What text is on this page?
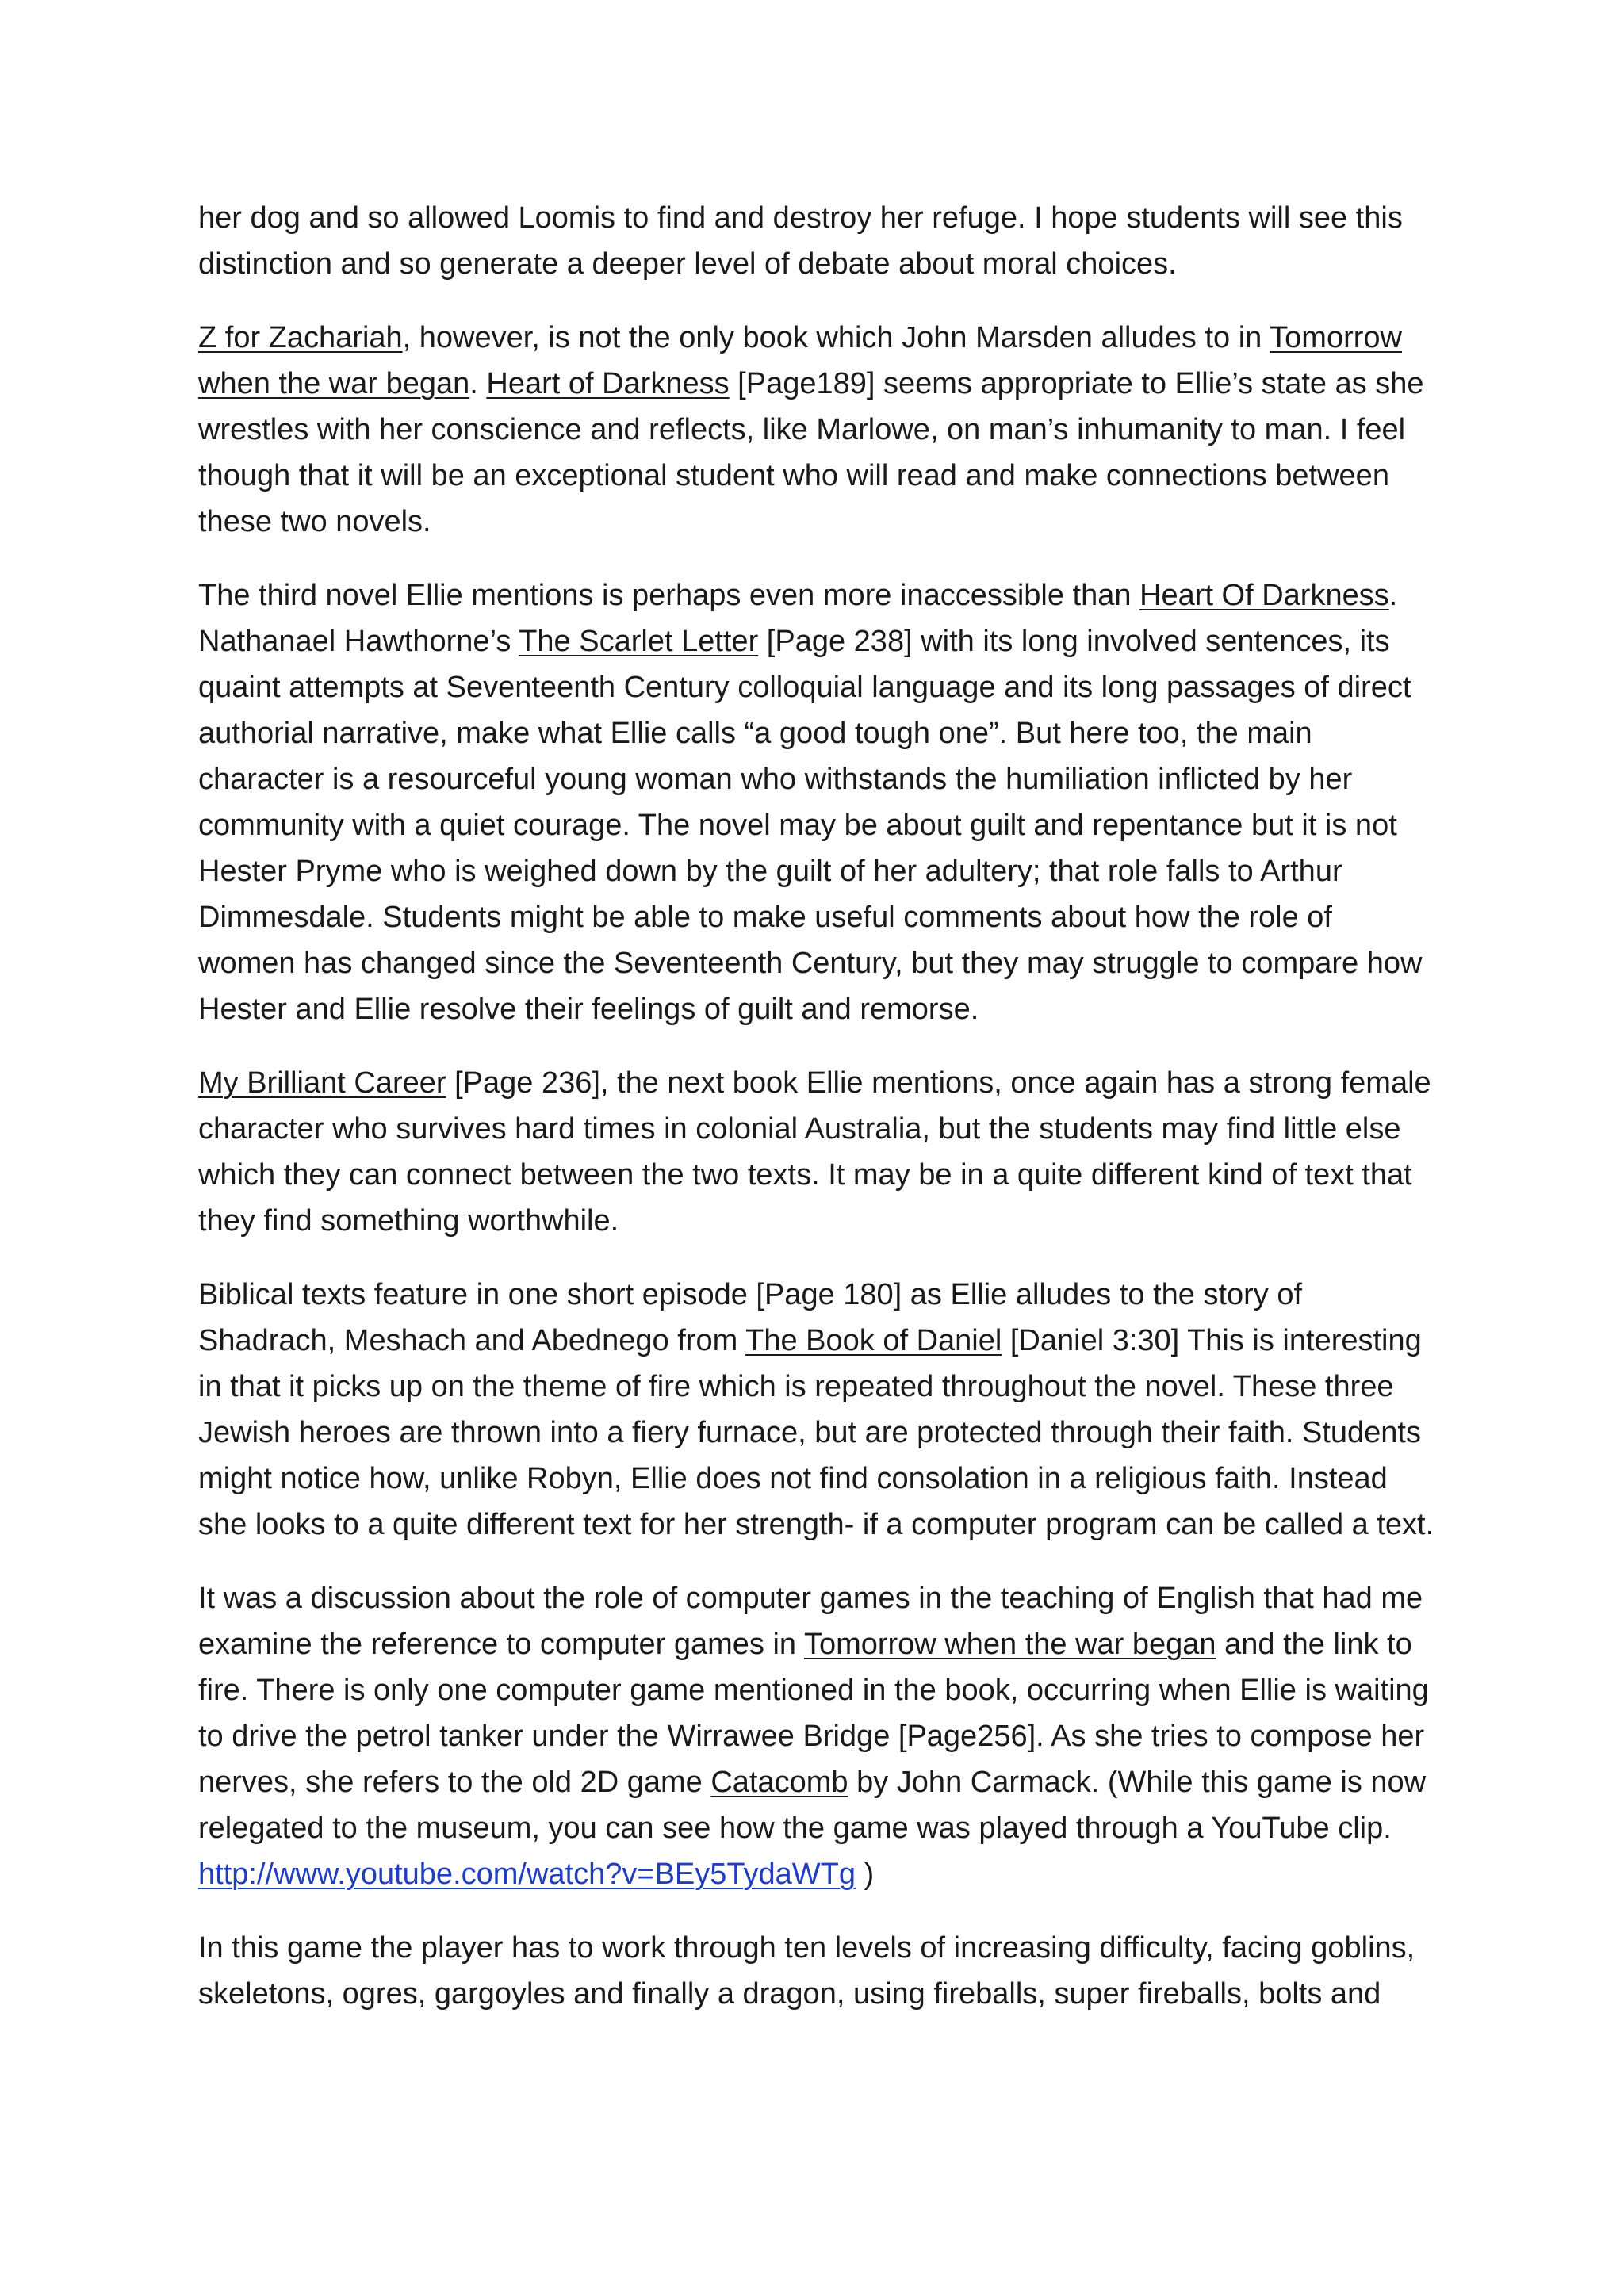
her dog and so allowed Loomis to find and destroy her refuge. I hope students will see this distinction and so generate a deeper level of debate about moral choices.

Z for Zachariah, however, is not the only book which John Marsden alludes to in Tomorrow when the war began. Heart of Darkness [Page189] seems appropriate to Ellie’s state as she wrestles with her conscience and reflects, like Marlowe, on man’s inhumanity to man. I feel though that it will be an exceptional student who will read and make connections between these two novels.

The third novel Ellie mentions is perhaps even more inaccessible than Heart Of Darkness. Nathanael Hawthorne’s The Scarlet Letter [Page 238] with its long involved sentences, its quaint attempts at Seventeenth Century colloquial language and its long passages of direct authorial narrative, make what Ellie calls “a good tough one”. But here too, the main character is a resourceful young woman who withstands the humiliation inflicted by her community with a quiet courage. The novel may be about guilt and repentance but it is not Hester Pryme who is weighed down by the guilt of her adultery; that role falls to Arthur Dimmesdale. Students might be able to make useful comments about how the role of women has changed since the Seventeenth Century, but they may struggle to compare how Hester and Ellie resolve their feelings of guilt and remorse.

My Brilliant Career [Page 236], the next book Ellie mentions, once again has a strong female character who survives hard times in colonial Australia, but the students may find little else which they can connect between the two texts. It may be in a quite different kind of text that they find something worthwhile.

Biblical texts feature in one short episode [Page 180] as Ellie alludes to the story of Shadrach, Meshach and Abednego from The Book of Daniel [Daniel 3:30] This is interesting in that it picks up on the theme of fire which is repeated throughout the novel. These three Jewish heroes are thrown into a fiery furnace, but are protected through their faith. Students might notice how, unlike Robyn, Ellie does not find consolation in a religious faith. Instead she looks to a quite different text for her strength- if a computer program can be called a text.

It was a discussion about the role of computer games in the teaching of English that had me examine the reference to computer games in Tomorrow when the war began and the link to fire. There is only one computer game mentioned in the book, occurring when Ellie is waiting to drive the petrol tanker under the Wirrawee Bridge [Page256]. As she tries to compose her nerves, she refers to the old 2D game Catacomb by John Carmack. (While this game is now relegated to the museum, you can see how the game was played through a YouTube clip. http://www.youtube.com/watch?v=BEy5TydaWTg )

In this game the player has to work through ten levels of increasing difficulty, facing goblins, skeletons, ogres, gargoyles and finally a dragon, using fireballs, super fireballs, bolts and
